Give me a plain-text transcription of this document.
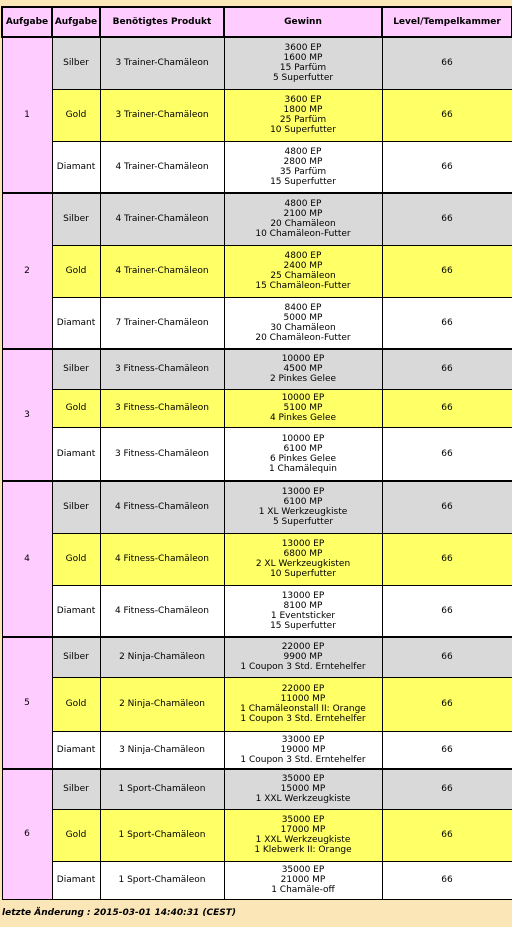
Aufgabe	Aufgabe	Benötigtes Produkt	Gewinn	Level/Tempelkammer
1	Silber	3 Trainer-Chamäleon	3600 EP
1600 MP
15 Parfüm
5 Superfutter	66
	Gold	3 Trainer-Chamäleon	3600 EP
1800 MP
25 Parfüm
10 Superfutter	66
	Diamant	4 Trainer-Chamäleon	4800 EP
2800 MP
35 Parfüm
15 Superfutter	66
2	Silber	4 Trainer-Chamäleon	4800 EP
2100 MP
20 Chamäleon
10 Chamäleon-Futter	66
	Gold	4 Trainer-Chamäleon	4800 EP
2400 MP
25 Chamäleon
15 Chamäleon-Futter	66
	Diamant	7 Trainer-Chamäleon	8400 EP
5000 MP
30 Chamäleon
20 Chamäleon-Futter	66
3	Silber	3 Fitness-Chamäleon	10000 EP
4500 MP
2 Pinkes Gelee	66
	Gold	3 Fitness-Chamäleon	10000 EP
5100 MP
4 Pinkes Gelee	66
	Diamant	3 Fitness-Chamäleon	10000 EP
6100 MP
6 Pinkes Gelee
1 Chamälequin	66
4	Silber	4 Fitness-Chamäleon	13000 EP
6100 MP
1 XL Werkzeugkiste
5 Superfutter	66
	Gold	4 Fitness-Chamäleon	13000 EP
6800 MP
2 XL Werkzeugkisten
10 Superfutter	66
	Diamant	4 Fitness-Chamäleon	13000 EP
8100 MP
1 Eventsticker
15 Superfutter	66
5	Silber	2 Ninja-Chamäleon	22000 EP
9900 MP
1 Coupon 3 Std. Erntehelfer	66
	Gold	2 Ninja-Chamäleon	22000 EP
11000 MP
1 Chamäleonstall II: Orange
1 Coupon 3 Std. Erntehelfer	66
	Diamant	3 Ninja-Chamäleon	33000 EP
19000 MP
1 Coupon 3 Std. Erntehelfer	66
6	Silber	1 Sport-Chamäleon	35000 EP
15000 MP
1 XXL Werkzeugkiste	66
	Gold	1 Sport-Chamäleon	35000 EP
17000 MP
1 XXL Werkzeugkiste
1 Klebwerk II: Orange	66
	Diamant	1 Sport-Chamäleon	35000 EP
21000 MP
1 Chamäle-off	66
letzte Änderung : 2015-03-01 14:40:31 (CEST)
